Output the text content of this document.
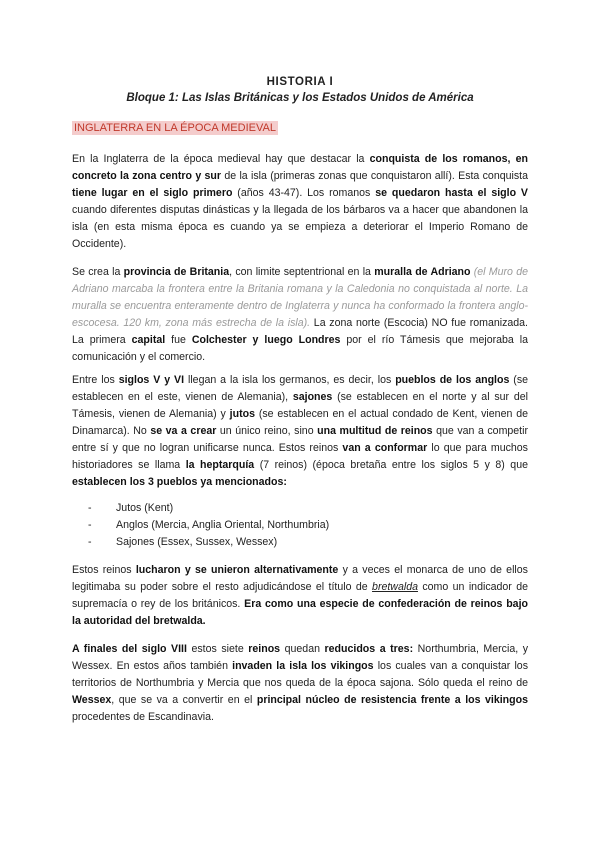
HISTORIA I
Bloque 1: Las Islas Británicas y los Estados Unidos de América
INGLATERRA EN LA ÉPOCA MEDIEVAL

En la Inglaterra de la época medieval hay que destacar la conquista de los romanos, en concreto la zona centro y sur de la isla (primeras zonas que conquistaron allí). Esta conquista tiene lugar en el siglo primero (años 43-47). Los romanos se quedaron hasta el siglo V cuando diferentes disputas dinásticas y la llegada de los bárbaros va a hacer que abandonen la isla (en esta misma época es cuando ya se empieza a deteriorar el Imperio Romano de Occidente).

Se crea la provincia de Britania, con limite septentrional en la muralla de Adriano (el Muro de Adriano marcaba la frontera entre la Britania romana y la Caledonia no conquistada al norte. La muralla se encuentra enteramente dentro de Inglaterra y nunca ha conformado la frontera anglo-escocesa. 120 km, zona más estrecha de la isla). La zona norte (Escocia) NO fue romanizada. La primera capital fue Colchester y luego Londres por el río Támesis que mejoraba la comunicación y el comercio.

Entre los siglos V y VI llegan a la isla los germanos, es decir, los pueblos de los anglos (se establecen en el este, vienen de Alemania), sajones (se establecen en el norte y al sur del Támesis, vienen de Alemania) y jutos (se establecen en el actual condado de Kent, vienen de Dinamarca). No se va a crear un único reino, sino una multitud de reinos que van a competir entre sí y que no logran unificarse nunca. Estos reinos van a conformar lo que para muchos historiadores se llama la heptarquía (7 reinos) (época bretaña entre los siglos 5 y 8) que establecen los 3 pueblos ya mencionados:

- Jutos (Kent)
- Anglos (Mercia, Anglia Oriental, Northumbria)
- Sajones (Essex, Sussex, Wessex)

Estos reinos lucharon y se unieron alternativamente y a veces el monarca de uno de ellos legitimaba su poder sobre el resto adjudicándose el título de bretwalda como un indicador de supremacía o rey de los británicos. Era como una especie de confederación de reinos bajo la autoridad del bretwalda.

A finales del siglo VIII estos siete reinos quedan reducidos a tres: Northumbria, Mercia, y Wessex. En estos años también invaden la isla los vikingos los cuales van a conquistar los territorios de Northumbria y Mercia que nos queda de la época sajona. Sólo queda el reino de Wessex, que se va a convertir en el principal núcleo de resistencia frente a los vikingos procedentes de Escandinavia.
